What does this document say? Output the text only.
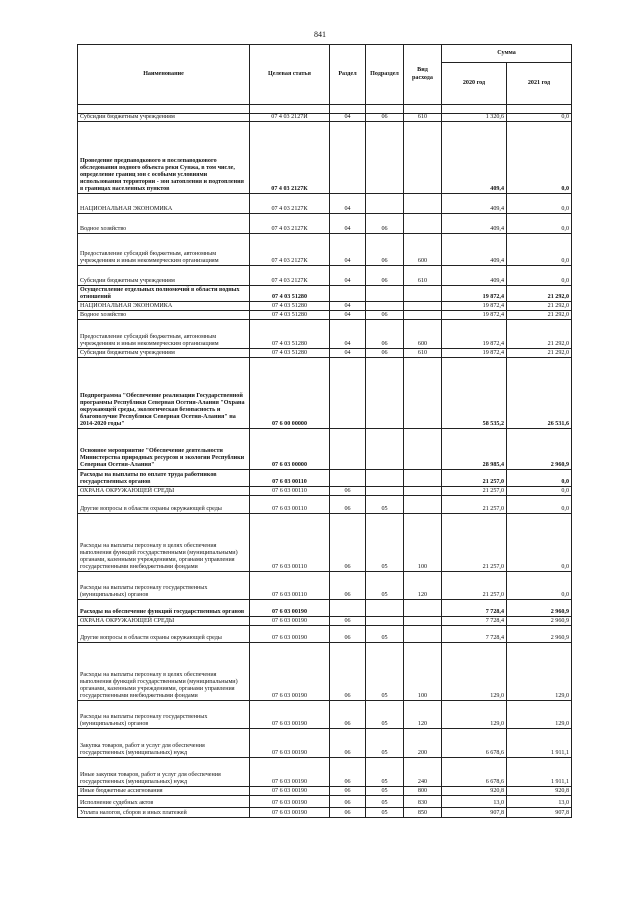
841
Наименование	Целевая статья	Раздел	Подраздел	Вид расхода	Сумма	
					2020 год	2021 год

Субсидии бюджетным учреждениям	07 4 03 2127И	04	06	610	1 320,6	0,0
Проведение предпаводкового и послепаводкового обследования водного объекта реки Сунжа, в том числе, определение границ зон с особыми условиями использования территории - зон затопления и подтопления в границах населенных пунктов	07 4 03 2127К				409,4	0,0
НАЦИОНАЛЬНАЯ ЭКОНОМИКА	07 4 03 2127К	04			409,4	0,0
Водное хозяйство	07 4 03 2127К	04	06		409,4	0,0
Предоставление субсидий бюджетным, автономным учреждениям и иным некоммерческим организациям	07 4 03 2127К	04	06	600	409,4	0,0
Субсидии бюджетным учреждениям	07 4 03 2127К	04	06	610	409,4	0,0
Осуществление отдельных полномочий в области водных отношений	07 4 03 51280				19 872,4	21 292,0
НАЦИОНАЛЬНАЯ ЭКОНОМИКА	07 4 03 51280	04			19 872,4	21 292,0
Водное хозяйство	07 4 03 51280	04	06		19 872,4	21 292,0
Предоставление субсидий бюджетным, автономным учреждениям и иным некоммерческим организациям	07 4 03 51280	04	06	600	19 872,4	21 292,0
Субсидии бюджетным учреждениям	07 4 03 51280	04	06	610	19 872,4	21 292,0
Подпрограмма "Обеспечение реализации Государственной программы Республики Северная Осетия-Алания "Охрана окружающей среды, экологическая безопасность и благополучие Республики Северная Осетия-Алания" на 2014-2020 годы"	07 6 00 00000				58 535,2	26 531,6
Основное мероприятие "Обеспечение деятельности Министерства природных ресурсов и экологии Республики Северная Осетия-Алания"	07 6 03 00000				28 985,4	2 960,9
Расходы на выплаты по оплате труда работников государственных органов	07 6 03 00110				21 257,0	0,0
ОХРАНА ОКРУЖАЮЩЕЙ СРЕДЫ	07 6 03 00110	06			21 257,0	0,0
Другие вопросы в области охраны окружающей среды	07 6 03 00110	06	05		21 257,0	0,0
Расходы на выплаты персоналу в целях обеспечения выполнения функций государственными (муниципальными) органами, казенными учреждениями, органами управления государственными внебюджетными фондами	07 6 03 00110	06	05	100	21 257,0	0,0
Расходы на выплаты персоналу государственных (муниципальных) органов	07 6 03 00110	06	05	120	21 257,0	0,0
Расходы на обеспечение функций государственных органов	07 6 03 00190				7 728,4	2 960,9
ОХРАНА ОКРУЖАЮЩЕЙ СРЕДЫ	07 6 03 00190	06			7 728,4	2 960,9
Другие вопросы в области охраны окружающей среды	07 6 03 00190	06	05		7 728,4	2 960,9
Расходы на выплаты персоналу в целях обеспечения выполнения функций государственными (муниципальными) органами, казенными учреждениями, органами управления государственными внебюджетными фондами	07 6 03 00190	06	05	100	129,0	129,0
Расходы на выплаты персоналу государственных (муниципальных) органов	07 6 03 00190	06	05	120	129,0	129,0
Закупка товаров, работ и услуг для обеспечения государственных (муниципальных) нужд	07 6 03 00190	06	05	200	6 678,6	1 911,1
Иные закупки товаров, работ и услуг для обеспечения государственных (муниципальных) нужд	07 6 03 00190	06	05	240	6 678,6	1 911,1
Иные бюджетные ассигнования	07 6 03 00190	06	05	800	920,8	920,8
Исполнение судебных актов	07 6 03 00190	06	05	830	13,0	13,0
Уплата налогов, сборов и иных платежей	07 6 03 00190	06	05	850	907,8	907,8
